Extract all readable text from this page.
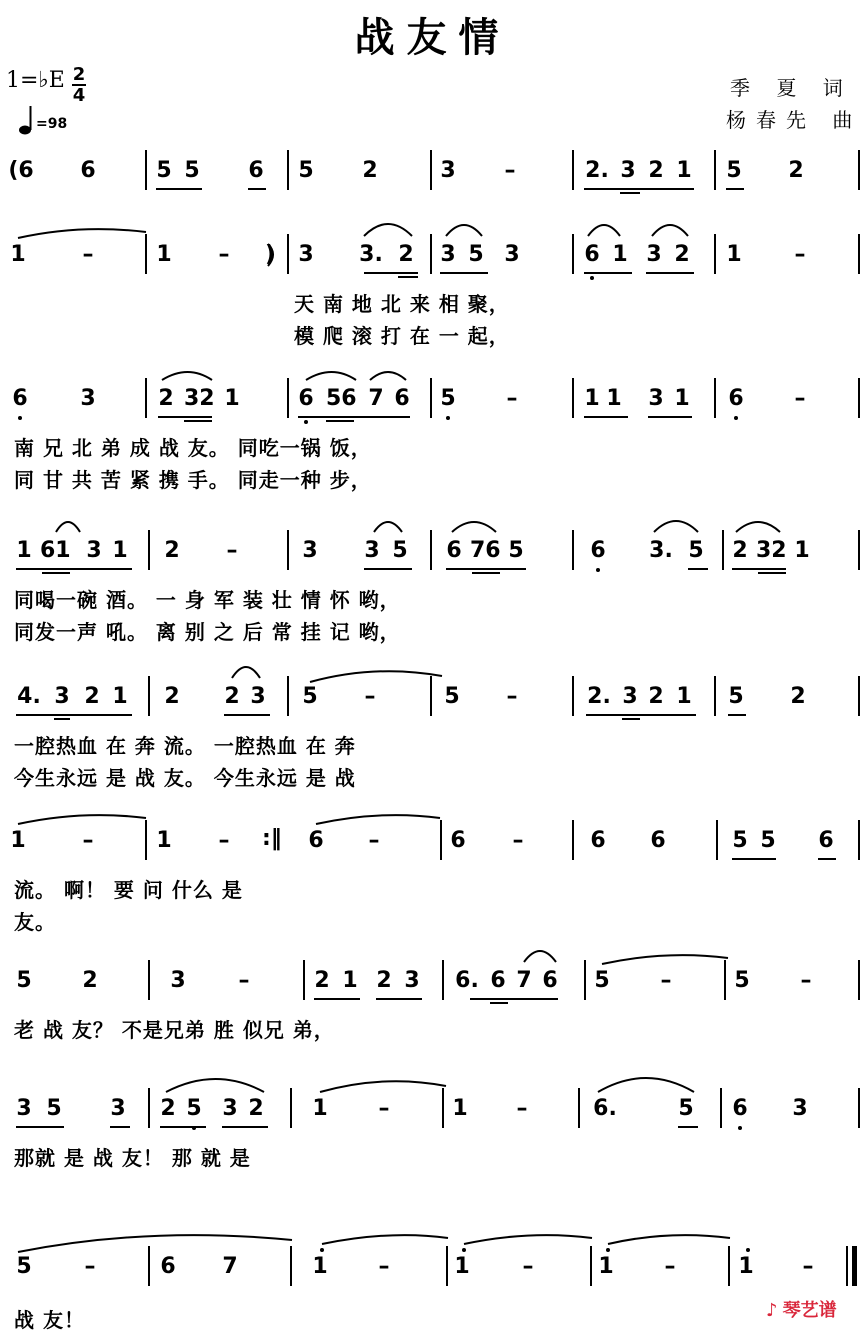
战友情
1=♭E 2
4
=98
季 夏 词
杨春先 曲
(6 6	5 5 6 5 2	3 –	2. 3 2 1 5 2
1	–	1 – ) 3 3. 2 3 5 3	6 1 3 2 1 –
天 南 地 北 来 相 聚，
模 爬 滚 打 在 一 起，
6 3	2 32 1	6 56 7 6 5 –	1 1 3 1 6 –
南 兄 北 弟 成 战 友。 同吃一锅 饭，
同 甘 共 苦 紧 携 手。 同走一种 步，
1 61 3 1 2 –	3 3 5 6 76 5	6 3. 5 2 32 1
同喝一碗 酒。 一 身 军 装 壮 情 怀 哟，
同发一声 吼。 离 别 之 后 常 挂 记 哟，
4. 3 2 1 2 2 3 5 –	5 –	2. 3 2 1 5 2
一腔热血 在 奔 流。 一腔热血 在 奔
今生永远 是 战 友。 今生永远 是 战
1	–	1 – :‖ 6 –	6 –	6 6	5 5 6
流。 啊！ 要 问 什么 是
友。
5 2	3 –	2 1 2 3 6. 6 7 6 5 –	5 –
老 战 友？ 不是兄弟 胜 似兄 弟，
3 5 3 2 5 3 2 1 –	1 –	6.	5 6 3
那就 是 战 友！ 那 就 是
5 –	6 7	1 –	1 –	1 –	1 –
战 友！	♪ 琴艺谱
